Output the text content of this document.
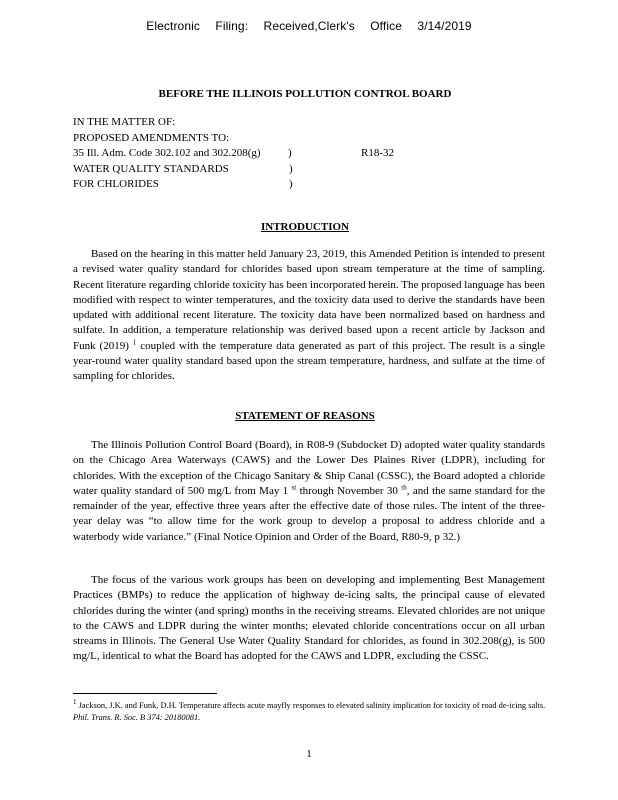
Electronic Filing: Received,Clerk's Office 3/14/2019
BEFORE THE ILLINOIS POLLUTION CONTROL BOARD
IN THE MATTER OF:
PROPOSED AMENDMENTS TO:
35 Ill. Adm. Code 302.102 and 302.208(g) )	R18-32
WATER QUALITY STANDARDS	)
FOR CHLORIDES	)
INTRODUCTION

Based on the hearing in this matter held January 23, 2019, this Amended Petition is intended to present a revised water quality standard for chlorides based upon stream temperature at the time of sampling. Recent literature regarding chloride toxicity has been incorporated herein. The proposed language has been modified with respect to winter temperatures, and the toxicity data used to derive the standards have been updated with additional recent literature. The toxicity data have been normalized based on hardness and sulfate. In addition, a temperature relationship was derived based upon a recent article by Jackson and Funk (2019) $^1$ coupled with the temperature data generated as part of this project. The result is a single year-round water quality standard based upon the stream temperature, hardness, and sulfate at the time of sampling for chlorides.

STATEMENT OF REASONS

The Illinois Pollution Control Board (Board), in R08-9 (Subdocket D) adopted water quality standards on the Chicago Area Waterways (CAWS) and the Lower Des Plaines River (LDPR), including for chlorides. With the exception of the Chicago Sanitary & Ship Canal (CSSC), the Board adopted a chloride water quality standard of 500 mg/L from May 1 $^{st}$ through November 30 $^{th}$, and the same standard for the remainder of the year, effective three years after the effective date of those rules. The intent of the three-year delay was “to allow time for the work group to develop a proposal to address chloride and a waterbody wide variance.” (Final Notice Opinion and Order of the Board, R80-9, p 32.)

The focus of the various work groups has been on developing and implementing Best Management Practices (BMPs) to reduce the application of highway de-icing salts, the principal cause of elevated chlorides during the winter (and spring) months in the receiving streams. Elevated chlorides are not unique to the CAWS and LDPR during the winter months; elevated chloride concentrations occur on all urban streams in Illinois. The General Use Water Quality Standard for chlorides, as found in 302.208(g), is 500 mg/L, identical to what the Board has adopted for the CAWS and LDPR, excluding the CSSC.

$^1$ Jackson, J.K. and Funk, D.H. Temperature affects acute mayfly responses to elevated salinity implication for toxicity of road de-icing salts. Phil. Trans. R. Soc. B 374: 20180081.
1
